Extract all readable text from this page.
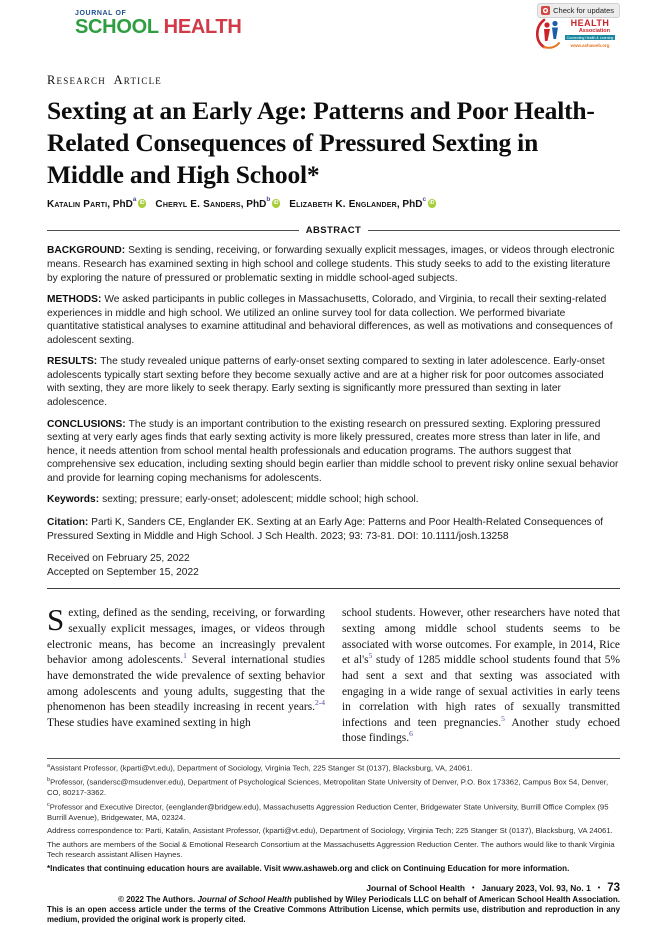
JOURNAL OF
SCHOOL HEALTH
Check for updates
HEALTH
Association
Connecting Health & Learning
www.ashaweb.org
Research Article
Sexting at an Early Age: Patterns and Poor Health-Related Consequences of Pressured Sexting in Middle and High School*
Katalin Parti , PhD a iD Cheryl E. Sanders , PhD b iD Elizabeth K. Englander , PhD c iD
ABSTRACT

BACKGROUND: Sexting is sending, receiving, or forwarding sexually explicit messages, images, or videos through electronic means. Research has examined sexting in high school and college students. This study seeks to add to the existing literature by exploring the nature of pressured or problematic sexting in middle school-aged subjects.

METHODS: We asked participants in public colleges in Massachusetts, Colorado, and Virginia, to recall their sexting-related experiences in middle and high school. We utilized an online survey tool for data collection. We performed bivariate quantitative statistical analyses to examine attitudinal and behavioral differences, as well as motivations and consequences of adolescent sexting.

RESULTS: The study revealed unique patterns of early-onset sexting compared to sexting in later adolescence. Early-onset adolescents typically start sexting before they become sexually active and are at a higher risk for poor outcomes associated with sexting, they are more likely to seek therapy. Early sexting is significantly more pressured than sexting in later adolescence.

CONCLUSIONS: The study is an important contribution to the existing research on pressured sexting. Exploring pressured sexting at very early ages finds that early sexting activity is more likely pressured, creates more stress than later in life, and hence, it needs attention from school mental health professionals and education programs. The authors suggest that comprehensive sex education, including sexting should begin earlier than middle school to prevent risky online sexual behavior and provide for learning coping mechanisms for adolescents.

Keywords: sexting; pressure; early-onset; adolescent; middle school; high school.

Citation: Parti K, Sanders CE, Englander EK. Sexting at an Early Age: Patterns and Poor Health-Related Consequences of Pressured Sexting in Middle and High School. J Sch Health. 2023; 93: 73-81. DOI: 10.1111/josh.13258

Received on February 25, 2022
Accepted on September 15, 2022

Sexting, defined as the sending, receiving, or forwarding sexually explicit messages, images, or videos through electronic means, has become an increasingly prevalent behavior among adolescents.$^1$ Several international studies have demonstrated the wide prevalence of sexting behavior among adolescents and young adults, suggesting that the phenomenon has been steadily increasing in recent years.$^{2-4}$ These studies have examined sexting in high

school students. However, other researchers have noted that sexting among middle school students seems to be associated with worse outcomes. For example, in 2014, Rice et al's$^5$ study of 1285 middle school students found that 5% had sent a sext and that sexting was associated with engaging in a wide range of sexual activities in early teens in correlation with high rates of sexually transmitted infections and teen pregnancies.$^5$ Another study echoed those findings.$^6$

$^a$Assistant Professor, (kparti@vt.edu), Department of Sociology, Virginia Tech, 225 Stanger St (0137), Blacksburg, VA, 24061.

$^b$Professor, (sandersc@msudenver.edu), Department of Psychological Sciences, Metropolitan State University of Denver, P.O. Box 173362, Campus Box 54, Denver, CO, 80217-3362.

$^c$Professor and Executive Director, (eenglander@bridgew.edu), Massachusetts Aggression Reduction Center, Bridgewater State University, Burrill Office Complex (95 Burrill Avenue), Bridgewater, MA, 02324.

Address correspondence to: Parti, Katalin, Assistant Professor, (kparti@vt.edu), Department of Sociology, Virginia Tech; 225 Stanger St (0137), Blacksburg, VA 24061.

The authors are members of the Social & Emotional Research Consortium at the Massachusetts Aggression Reduction Center. The authors would like to thank Virginia Tech research assistant Allisen Haynes.

*Indicates that continuing education hours are available. Visit www.ashaweb.org and click on Continuing Education for more information.

Journal of School Health • January 2023, Vol. 93, No. 1 • 73
© 2022 The Authors. Journal of School Health published by Wiley Periodicals LLC on behalf of American School Health Association.
This is an open access article under the terms of the Creative Commons Attribution License, which permits use, distribution and reproduction in any medium, provided the original work is properly cited.
